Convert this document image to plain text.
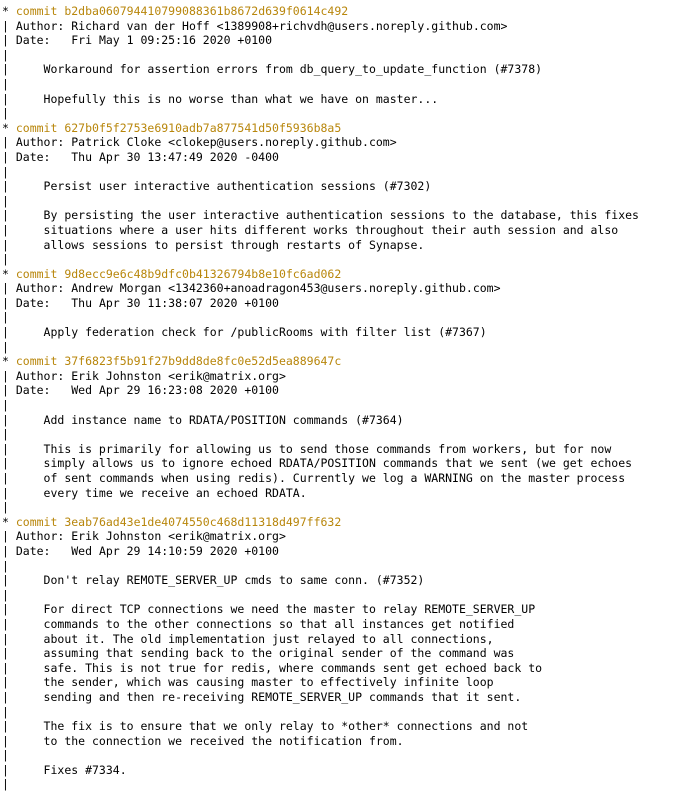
* commit b2dba060794410799088361b8672d639f0614c492
| Author: Richard van der Hoff <1389908+richvdh@users.noreply.github.com>
| Date:   Fri May 1 09:25:16 2020 +0100
|
|     Workaround for assertion errors from db_query_to_update_function (#7378)
|
|     Hopefully this is no worse than what we have on master...
|
* commit 627b0f5f2753e6910adb7a877541d50f5936b8a5
| Author: Patrick Cloke <clokep@users.noreply.github.com>
| Date:   Thu Apr 30 13:47:49 2020 -0400
|
|     Persist user interactive authentication sessions (#7302)
|
|     By persisting the user interactive authentication sessions to the database, this fixes
|     situations where a user hits different works throughout their auth session and also
|     allows sessions to persist through restarts of Synapse.
|
* commit 9d8ecc9e6c48b9dfc0b41326794b8e10fc6ad062
| Author: Andrew Morgan <1342360+anoadragon453@users.noreply.github.com>
| Date:   Thu Apr 30 11:38:07 2020 +0100
|
|     Apply federation check for /publicRooms with filter list (#7367)
|
* commit 37f6823f5b91f27b9dd8de8fc0e52d5ea889647c
| Author: Erik Johnston <erik@matrix.org>
| Date:   Wed Apr 29 16:23:08 2020 +0100
|
|     Add instance name to RDATA/POSITION commands (#7364)
|
|     This is primarily for allowing us to send those commands from workers, but for now
|     simply allows us to ignore echoed RDATA/POSITION commands that we sent (we get echoes
|     of sent commands when using redis). Currently we log a WARNING on the master process
|     every time we receive an echoed RDATA.
|
* commit 3eab76ad43e1de4074550c468d11318d497ff632
| Author: Erik Johnston <erik@matrix.org>
| Date:   Wed Apr 29 14:10:59 2020 +0100
|
|     Don't relay REMOTE_SERVER_UP cmds to same conn. (#7352)
|
|     For direct TCP connections we need the master to relay REMOTE_SERVER_UP
|     commands to the other connections so that all instances get notified
|     about it. The old implementation just relayed to all connections,
|     assuming that sending back to the original sender of the command was
|     safe. This is not true for redis, where commands sent get echoed back to
|     the sender, which was causing master to effectively infinite loop
|     sending and then re-receiving REMOTE_SERVER_UP commands that it sent.
|
|     The fix is to ensure that we only relay to *other* connections and not
|     to the connection we received the notification from.
|
|     Fixes #7334.
|
